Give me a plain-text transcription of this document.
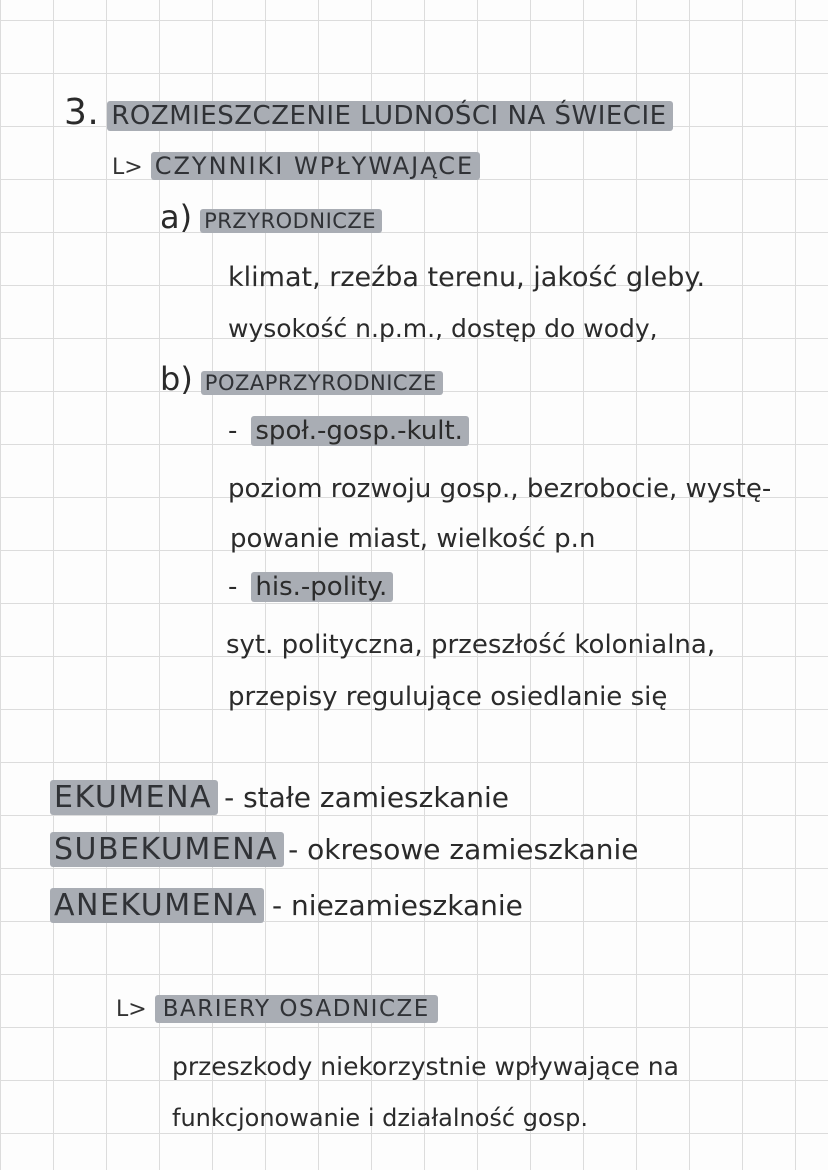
3. ROZMIESZCZENIE LUDNOŚCI NA ŚWIECIE
L> CZYNNIKI WPŁYWAJĄCE
a) PRZYRODNICZE
klimat, rzeźba terenu, jakość gleby.
wysokość n.p.m., dostęp do wody,
b) POZAPRZYRODNICZE
- społ.-gosp.-kult.
poziom rozwoju gosp., bezrobocie, wystę-
powanie miast, wielkość p.n
- his.-polity.
syt. polityczna, przeszłość kolonialna,
przepisy regulujące osiedlanie się
EKUMENA - stałe zamieszkanie
SUBEKUMENA - okresowe zamieszkanie
ANEKUMENA - niezamieszkanie
L> BARIERY OSADNICZE
przeszkody niekorzystnie wpływające na
funkcjonowanie i działalność gosp.
